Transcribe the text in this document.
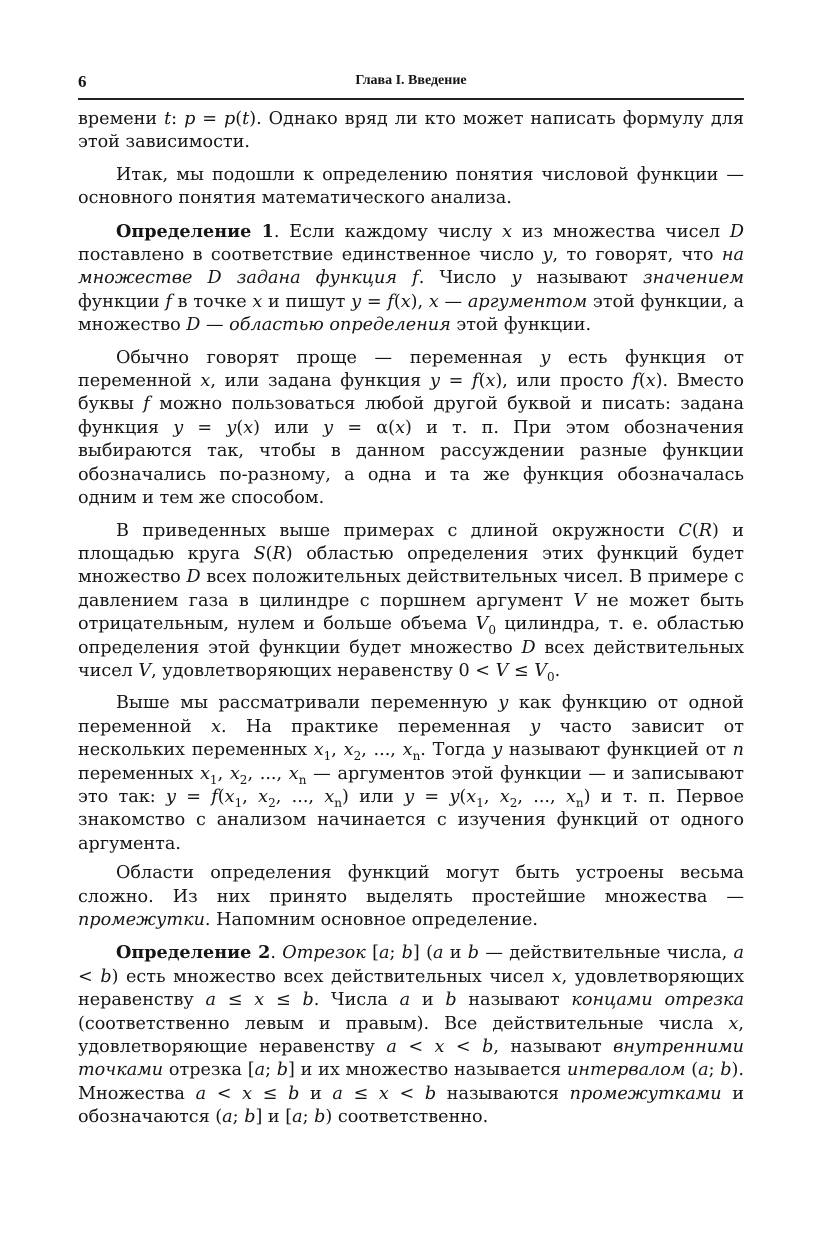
6	Глава I. Введение

времени t: p = p(t). Однако вряд ли кто может написать формулу для этой зависимости.

Итак, мы подошли к определению понятия числовой функции — основного понятия математического анализа.

Определение 1. Если каждому числу x из множества чисел D поставлено в соответствие единственное число y, то говорят, что на множестве D задана функция f. Число y называют значением функции f в точке x и пишут y = f(x), x — аргументом этой функции, а множество D — областью определения этой функции.

Обычно говорят проще — переменная y есть функция от переменной x, или задана функция y = f(x), или просто f(x). Вместо буквы f можно пользоваться любой другой буквой и писать: задана функция y = y(x) или y = α(x) и т. п. При этом обозначения выбираются так, чтобы в данном рассуждении разные функции обозначались по-разному, а одна и та же функция обозначалась одним и тем же способом.

В приведенных выше примерах с длиной окружности C(R) и площадью круга S(R) областью определения этих функций будет множество D всех положительных действительных чисел. В примере с давлением газа в цилиндре с поршнем аргумент V не может быть отрицательным, нулем и больше объема $V_0$ цилиндра, т. е. областью определения этой функции будет множество D всех действительных чисел V, удовлетворяющих неравенству $0 < V \le V_0$.

Выше мы рассматривали переменную y как функцию от одной переменной x. На практике переменная y часто зависит от нескольких переменных $x_1$, $x_2$, ..., $x_n$. Тогда y называют функцией от n переменных $x_1$, $x_2$, ..., $x_n$ — аргументов этой функции — и записывают это так: $y = f(x_1$, $x_2$, ..., $x_n$) или $y = y(x_1$, $x_2$, ..., $x_n$) и т. п. Первое знакомство с анализом начинается с изучения функций от одного аргумента.

Области определения функций могут быть устроены весьма сложно. Из них принято выделять простейшие множества — промежутки. Напомним основное определение.

Определение 2. Отрезок [a; b] (a и b — действительные числа, a < b) есть множество всех действительных чисел x, удовлетворяющих неравенству a ≤ x ≤ b. Числа a и b называют концами отрезка (соответственно левым и правым). Все действительные числа x, удовлетворяющие неравенству a < x < b, называют внутренними точками отрезка [a; b] и их множество называется интервалом (a; b). Множества a < x ≤ b и a ≤ x < b называются промежутками и обозначаются (a; b] и [a; b) соответственно.
